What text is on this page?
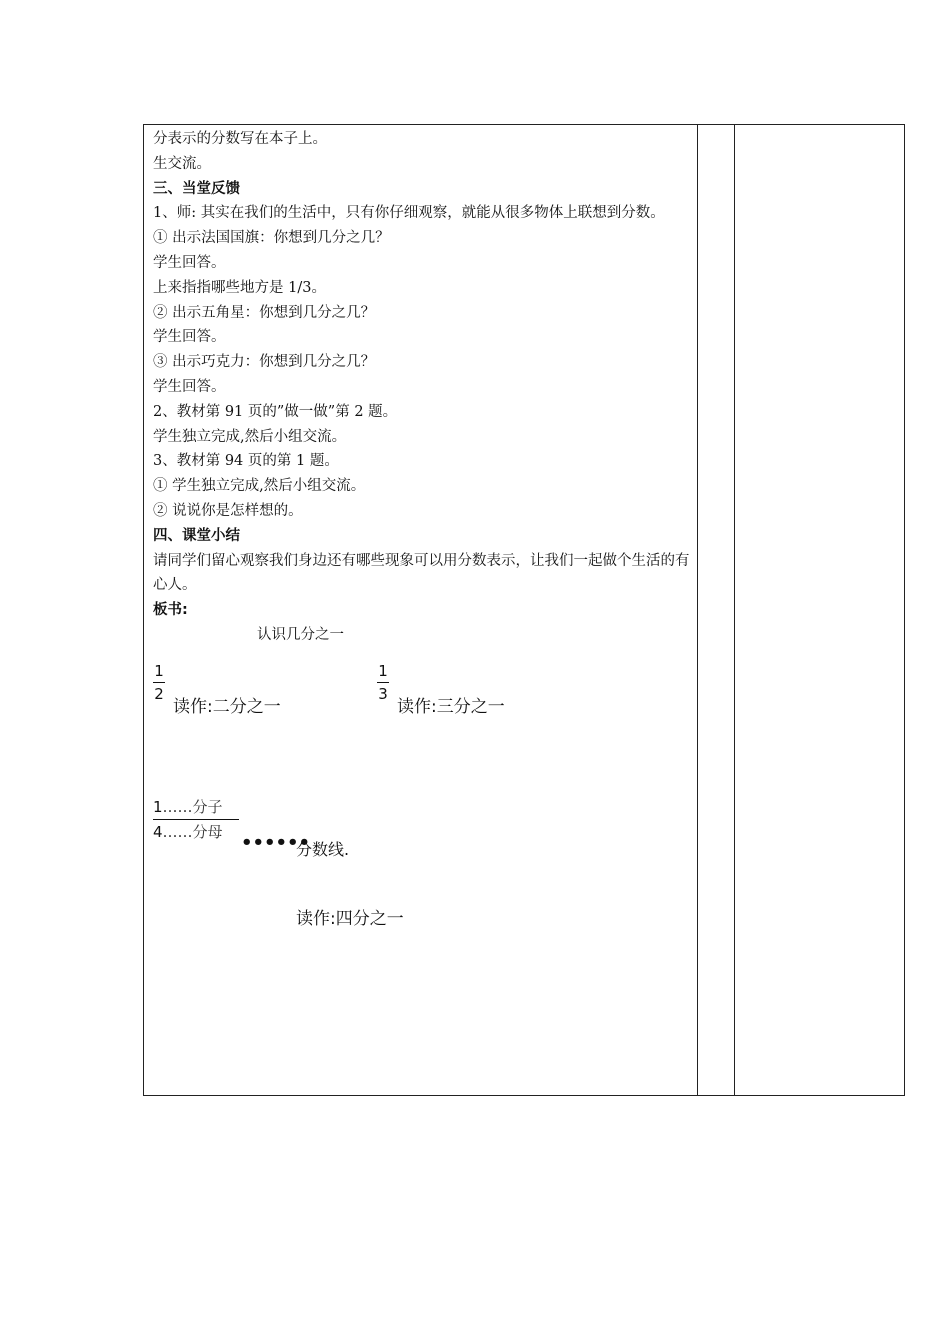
分表示的分数写在本子上。
生交流。
三、当堂反馈
1、师: 其实在我们的生活中，只有你仔细观察，就能从很多物体上联想到分数。
① 出示法国国旗：你想到几分之几？
学生回答。
上来指指哪些地方是 1/3。
② 出示五角星：你想到几分之几？
学生回答。
③ 出示巧克力：你想到几分之几？
学生回答。
2、教材第 91 页的”做一做”第 2 题。
学生独立完成,然后小组交流。
3、教材第 94 页的第 1 题。
① 学生独立完成,然后小组交流。
② 说说你是怎样想的。
四、课堂小结
请同学们留心观察我们身边还有哪些现象可以用分数表示，让我们一起做个生活的有心人。
板书:
认识几分之一
1
2
读作:二分之一
1
3
读作:三分之一
1……分子
4……分母	••••••
分数线.
读作:四分之一
